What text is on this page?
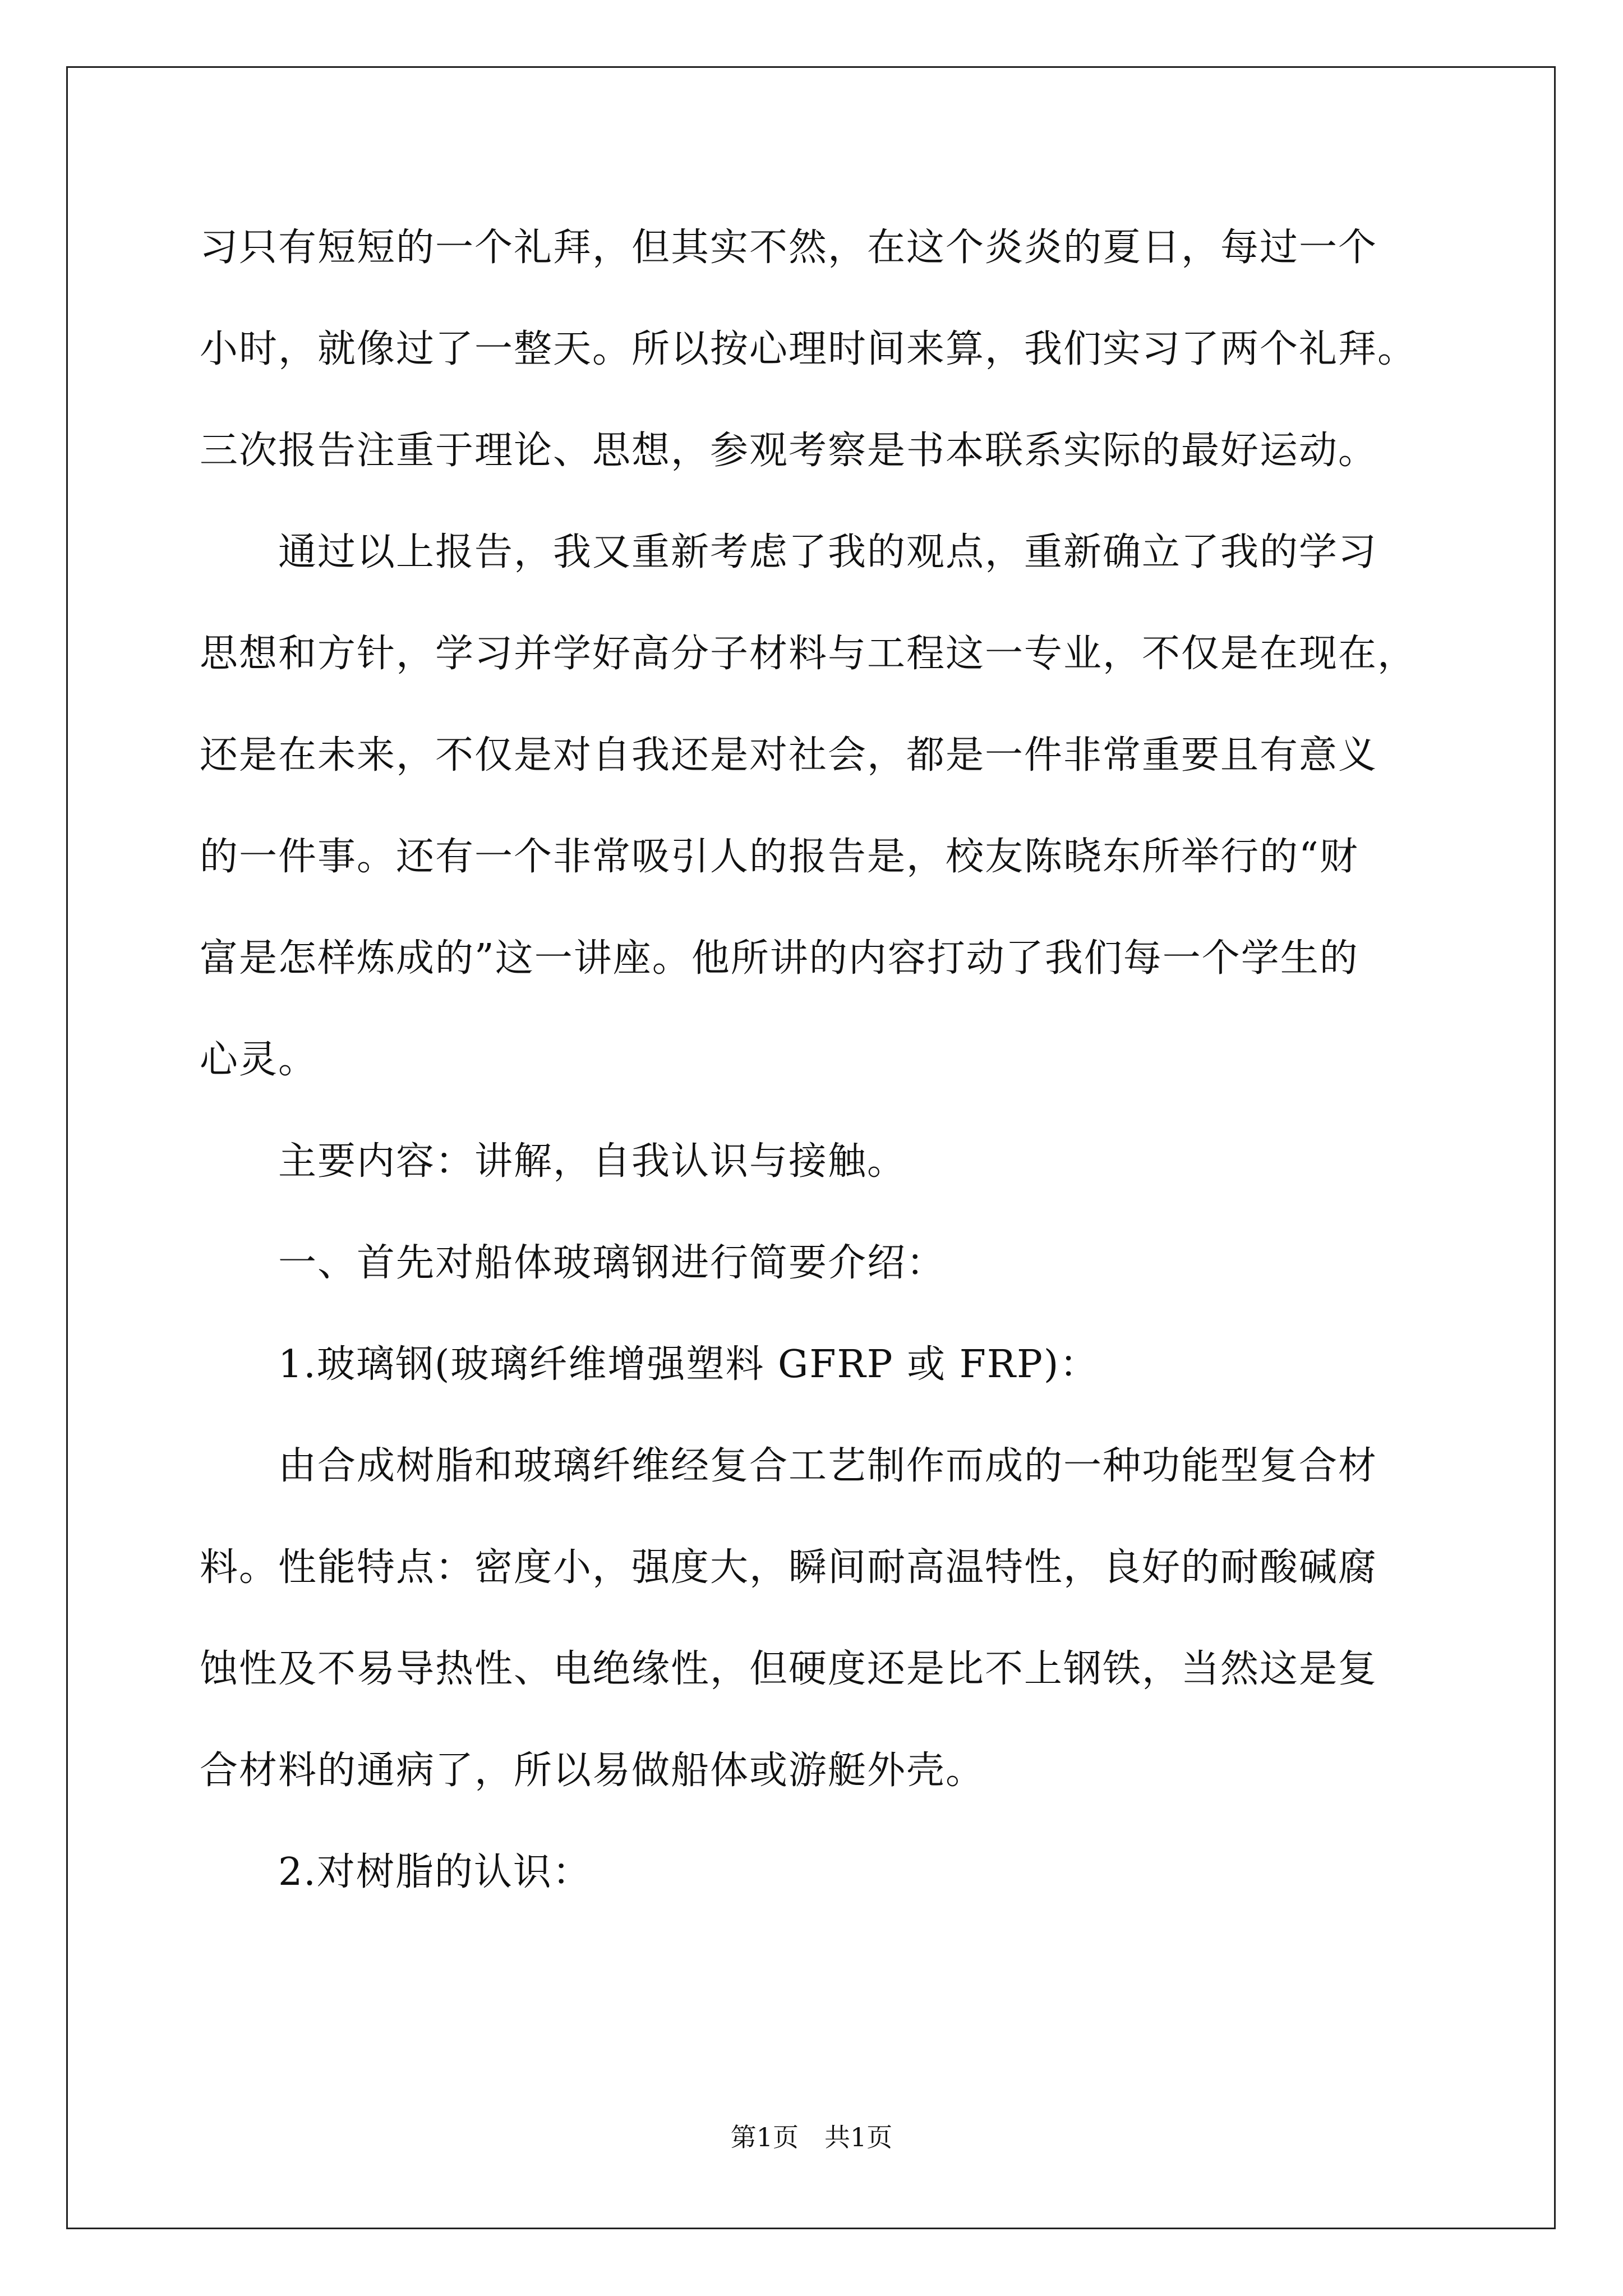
习只有短短的一个礼拜，但其实不然，在这个炎炎的夏日，每过一个
小时，就像过了一整天。所以按心理时间来算，我们实习了两个礼拜。
三次报告注重于理论、思想，参观考察是书本联系实际的最好运动。
　　通过以上报告，我又重新考虑了我的观点，重新确立了我的学习
思想和方针，学习并学好高分子材料与工程这一专业，不仅是在现在，
还是在未来，不仅是对自我还是对社会，都是一件非常重要且有意义
的一件事。还有一个非常吸引人的报告是，校友陈晓东所举行的“财
富是怎样炼成的”这一讲座。他所讲的内容打动了我们每一个学生的
心灵。
　　主要内容：讲解，自我认识与接触。
　　一、首先对船体玻璃钢进行简要介绍：
　　1.玻璃钢(玻璃纤维增强塑料 GFRP 或 FRP)：
　　由合成树脂和玻璃纤维经复合工艺制作而成的一种功能型复合材
料。性能特点：密度小，强度大，瞬间耐高温特性，良好的耐酸碱腐
蚀性及不易导热性、电绝缘性，但硬度还是比不上钢铁，当然这是复
合材料的通病了，所以易做船体或游艇外壳。
　　2.对树脂的认识：
第1页　共1页
